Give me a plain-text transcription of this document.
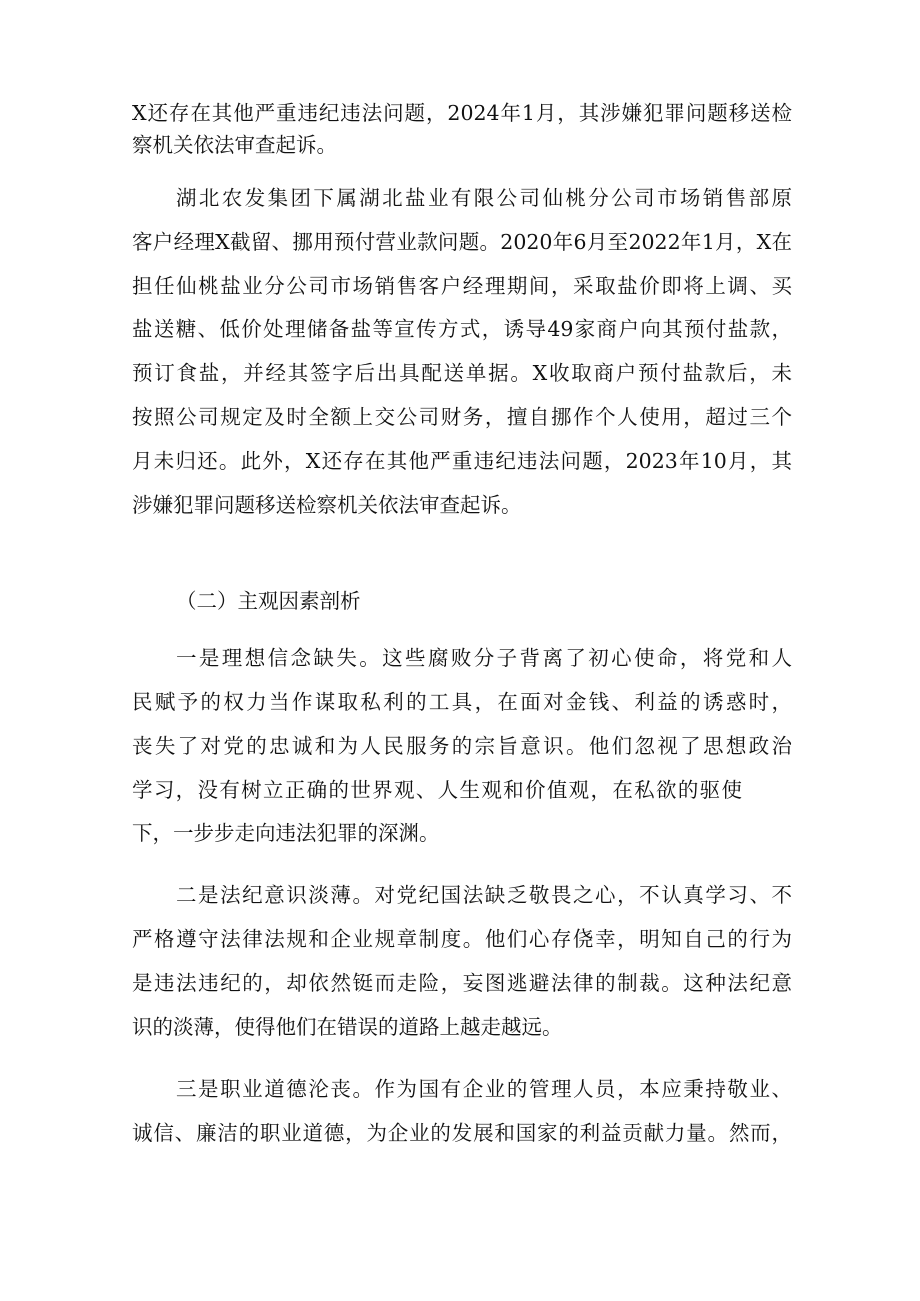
X还存在其他严重违纪违法问题，2024年1月，其涉嫌犯罪问题移送检
察机关依法审查起诉。
湖北农发集团下属湖北盐业有限公司仙桃分公司市场销售部原
客户经理X截留、挪用预付营业款问题。2020年6月至2022年1月，X在
担任仙桃盐业分公司市场销售客户经理期间，采取盐价即将上调、买
盐送糖、低价处理储备盐等宣传方式，诱导49家商户向其预付盐款，
预订食盐，并经其签字后出具配送单据。X收取商户预付盐款后，未
按照公司规定及时全额上交公司财务，擅自挪作个人使用，超过三个
月未归还。此外，X还存在其他严重违纪违法问题，2023年10月，其
涉嫌犯罪问题移送检察机关依法审查起诉。
（二）主观因素剖析
一是理想信念缺失。这些腐败分子背离了初心使命，将党和人
民赋予的权力当作谋取私利的工具，在面对金钱、利益的诱惑时，
丧失了对党的忠诚和为人民服务的宗旨意识。他们忽视了思想政治
学习，没有树立正确的世界观、人生观和价值观，在私欲的驱使
下，一步步走向违法犯罪的深渊。
二是法纪意识淡薄。对党纪国法缺乏敬畏之心，不认真学习、不
严格遵守法律法规和企业规章制度。他们心存侥幸，明知自己的行为
是违法违纪的，却依然铤而走险，妄图逃避法律的制裁。这种法纪意
识的淡薄，使得他们在错误的道路上越走越远。
三是职业道德沦丧。作为国有企业的管理人员，本应秉持敬业、
诚信、廉洁的职业道德，为企业的发展和国家的利益贡献力量。然而，
